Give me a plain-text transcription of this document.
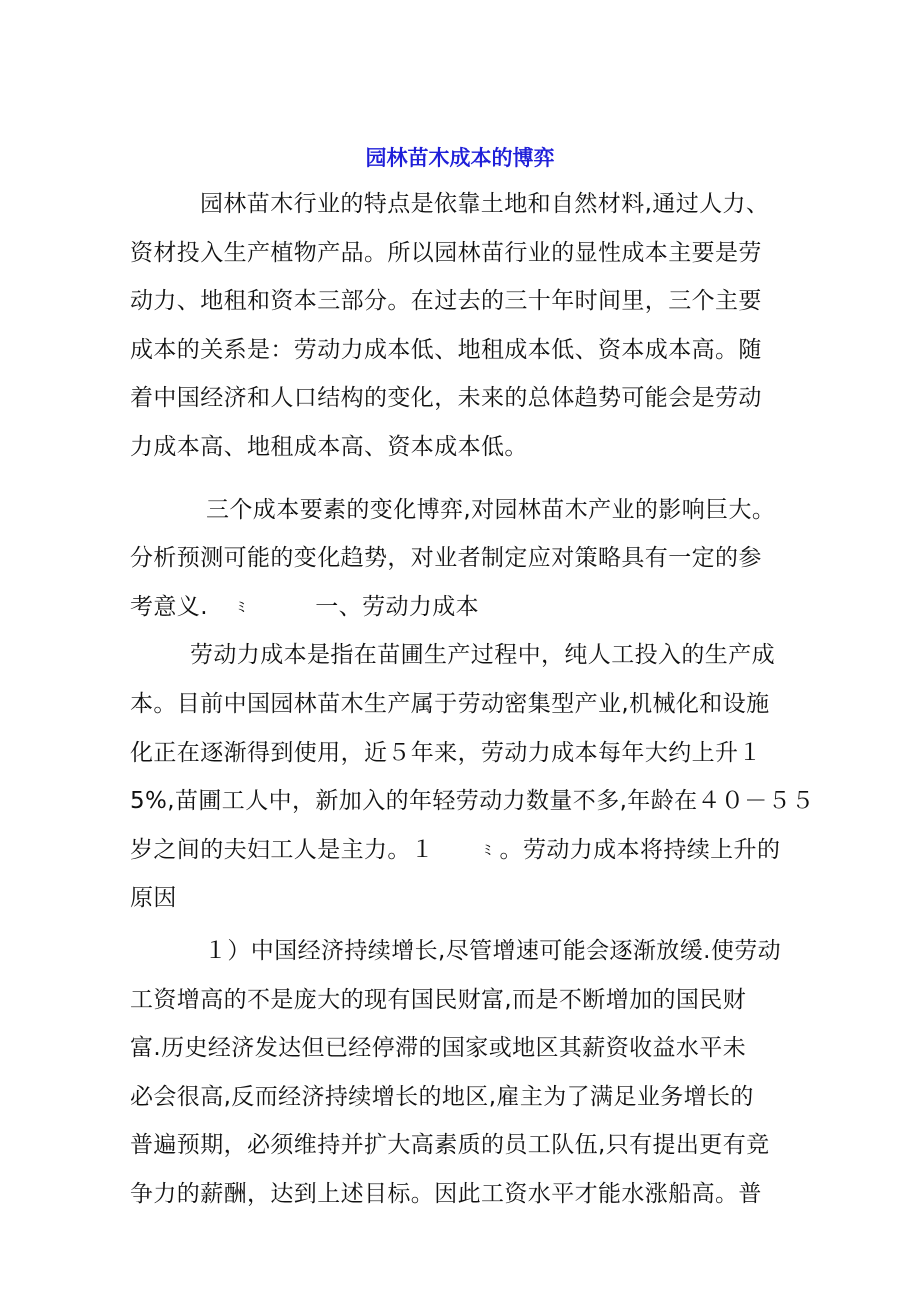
园林苗木成本的博弈
园林苗木行业的特点是依靠土地和自然材料,通过人力、
资材投入生产植物产品。所以园林苗行业的显性成本主要是劳
动力、地租和资本三部分。在过去的三十年时间里，三个主要
成本的关系是：劳动力成本低、地租成本低、资本成本高。随
着中国经济和人口结构的变化，未来的总体趋势可能会是劳动
力成本高、地租成本高、资本成本低。
三个成本要素的变化博弈,对园林苗木产业的影响巨大。
分析预测可能的变化趋势，对业者制定应对策略具有一定的参
考意义. ﾐ	一、劳动力成本
劳动力成本是指在苗圃生产过程中，纯人工投入的生产成
本。目前中国园林苗木生产属于劳动密集型产业,机械化和设施
化正在逐渐得到使用，近５年来，劳动力成本每年大约上升１
5%,苗圃工人中，新加入的年轻劳动力数量不多,年龄在４０－５５
岁之间的夫妇工人是主力。１	ﾐ 。劳动力成本将持续上升的
原因
１）中国经济持续增长,尽管增速可能会逐渐放缓.使劳动
工资增高的不是庞大的现有国民财富,而是不断增加的国民财
富.历史经济发达但已经停滞的国家或地区其薪资收益水平未
必会很高,反而经济持续增长的地区,雇主为了满足业务增长的
普遍预期，必须维持并扩大高素质的员工队伍,只有提出更有竞
争力的薪酬，达到上述目标。因此工资水平才能水涨船高。普
